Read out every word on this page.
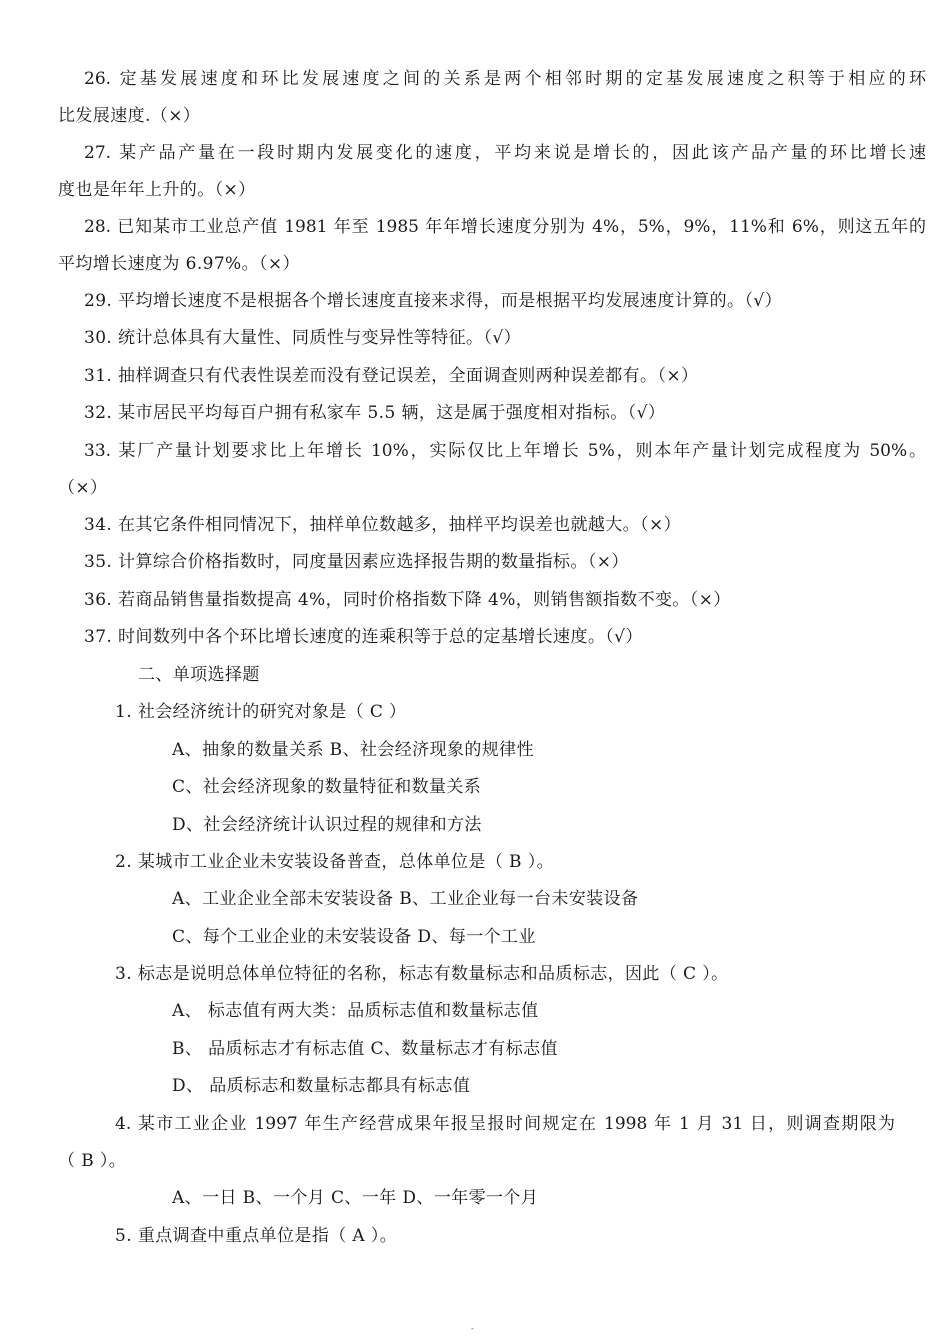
26. 定基发展速度和环比发展速度之间的关系是两个相邻时期的定基发展速度之积等于相应的环
比发展速度.（×）
27. 某产品产量在一段时期内发展变化的速度，平均来说是增长的，因此该产品产量的环比增长速
度也是年年上升的。（×）
28. 已知某市工业总产值 1981 年至 1985 年年增长速度分别为 4%，5%，9%，11%和 6%，则这五年的
平均增长速度为 6.97%。（×）
29. 平均增长速度不是根据各个增长速度直接来求得，而是根据平均发展速度计算的。（√）
30. 统计总体具有大量性、同质性与变异性等特征。（√）
31. 抽样调查只有代表性误差而没有登记误差，全面调查则两种误差都有。（×）
32. 某市居民平均每百户拥有私家车 5.5 辆，这是属于强度相对指标。（√）
33. 某厂产量计划要求比上年增长 10%，实际仅比上年增长 5%，则本年产量计划完成程度为 50%。
（×）
34. 在其它条件相同情况下，抽样单位数越多，抽样平均误差也就越大。（×）
35. 计算综合价格指数时，同度量因素应选择报告期的数量指标。（×）
36. 若商品销售量指数提高 4%，同时价格指数下降 4%，则销售额指数不变。（×）
37. 时间数列中各个环比增长速度的连乘积等于总的定基增长速度。（√）
二、单项选择题
1. 社会经济统计的研究对象是（ C ）
A、抽象的数量关系 B、社会经济现象的规律性
C、社会经济现象的数量特征和数量关系
D、社会经济统计认识过程的规律和方法
2. 某城市工业企业未安装设备普查，总体单位是（ B ）。
A、工业企业全部未安装设备 B、工业企业每一台未安装设备
C、每个工业企业的未安装设备 D、每一个工业
3. 标志是说明总体单位特征的名称，标志有数量标志和品质标志，因此（ C ）。
A、 标志值有两大类：品质标志值和数量标志值
B、 品质标志才有标志值 C、数量标志才有标志值
D、 品质标志和数量标志都具有标志值
4. 某市工业企业 1997 年生产经营成果年报呈报时间规定在 1998 年 1 月 31 日，则调查期限为
（ B ）。
A、一日 B、一个月 C、一年 D、一年零一个月
5. 重点调查中重点单位是指（ A ）。
-
